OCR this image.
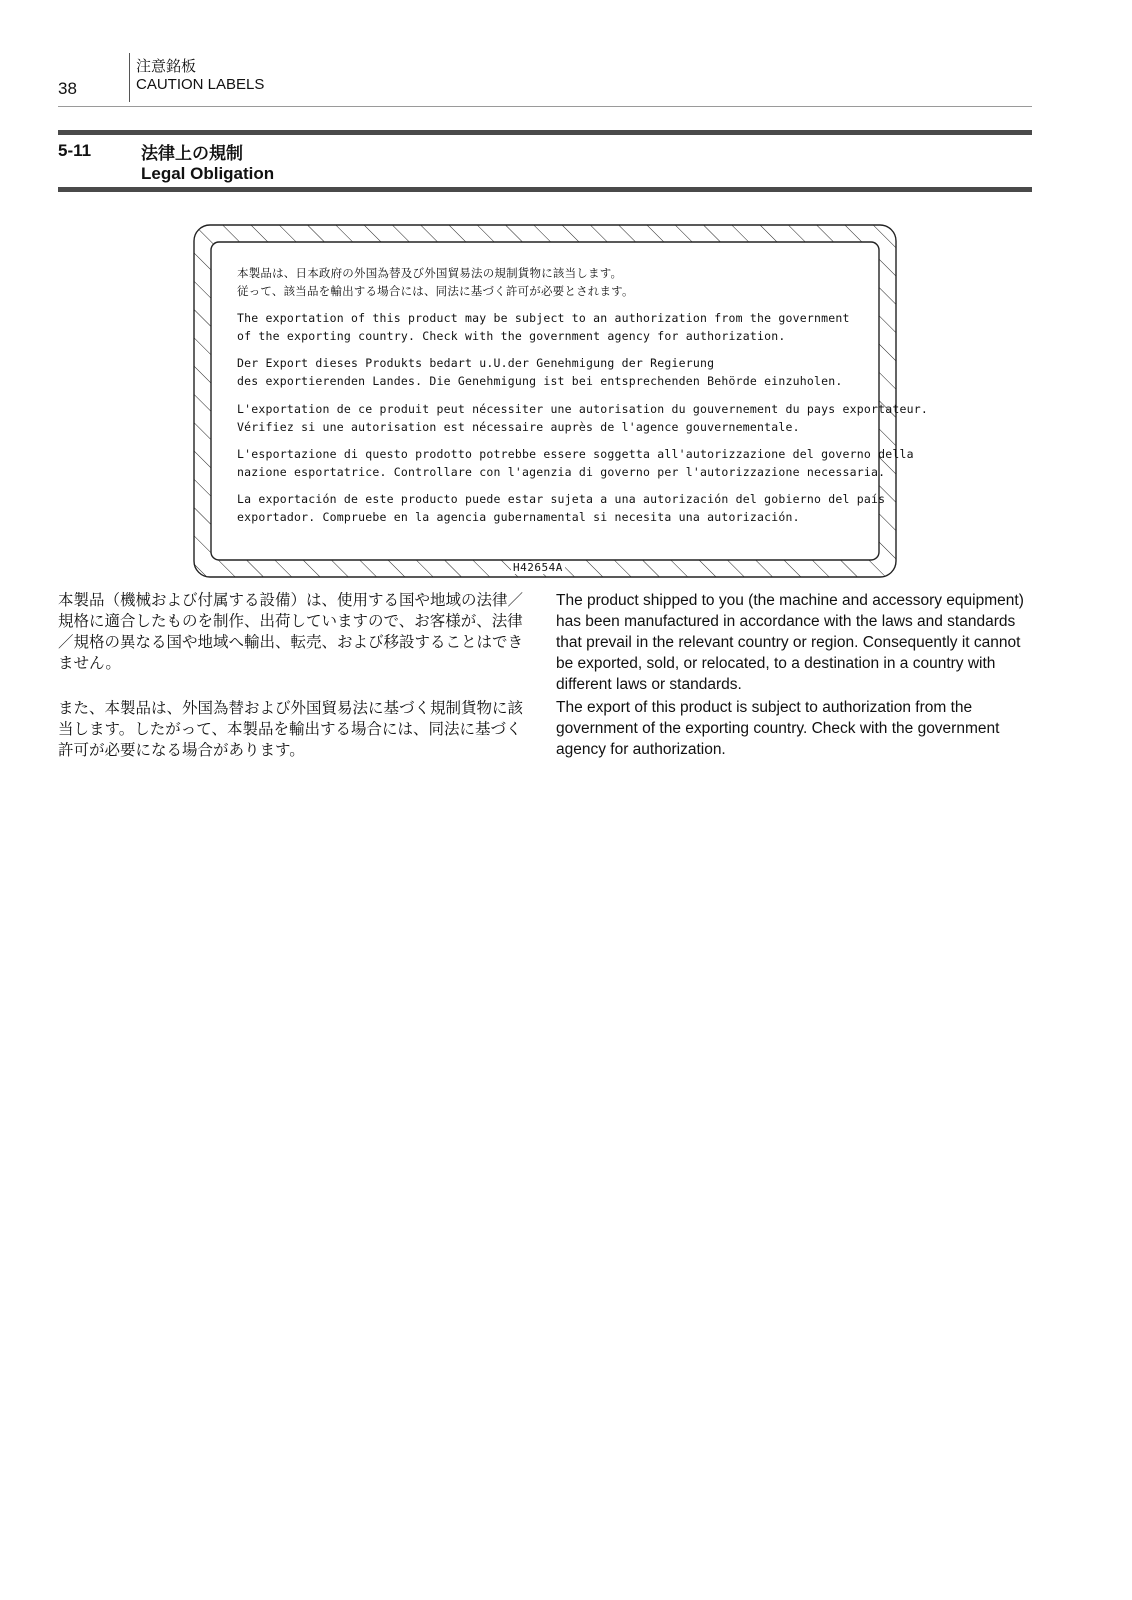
38
注意銘板
CAUTION LABELS
5-11	法律上の規制
Legal Obligation
本製品は、日本政府の外国為替及び外国貿易法の規制貨物に該当します。
従って、該当品を輸出する場合には、同法に基づく許可が必要とされます。
The exportation of this product may be subject to an authorization from the government
of the exporting country. Check with the government agency for authorization.
Der Export dieses Produkts bedart u.U.der Genehmigung der Regierung
des exportierenden Landes. Die Genehmigung ist bei entsprechenden Behörde einzuholen.
L'exportation de ce produit peut nécessiter une autorisation du gouvernement du pays exportateur.
Vérifiez si une autorisation est nécessaire auprès de l'agence gouvernementale.
L'esportazione di questo prodotto potrebbe essere soggetta all'autorizzazione del governo della
nazione esportatrice. Controllare con l'agenzia di governo per l'autorizzazione necessaria.
La exportación de este producto puede estar sujeta a una autorización del gobierno del país
exportador. Compruebe en la agencia gubernamental si necesita una autorización.
H42654A

本製品（機械および付属する設備）は、使用する国や地域の法律／規格に適合したものを制作、出荷していますので、お客様が、法律／規格の異なる国や地域へ輸出、転売、および移設することはできません。

また、本製品は、外国為替および外国貿易法に基づく規制貨物に該当します。したがって、本製品を輸出する場合には、同法に基づく許可が必要になる場合があります。

The product shipped to you (the machine and accessory equipment) has been manufactured in accordance with the laws and standards that prevail in the relevant country or region. Consequently it cannot be exported, sold, or relocated, to a destination in a country with different laws or standards.

The export of this product is subject to authorization from the government of the exporting country. Check with the government agency for authorization.
